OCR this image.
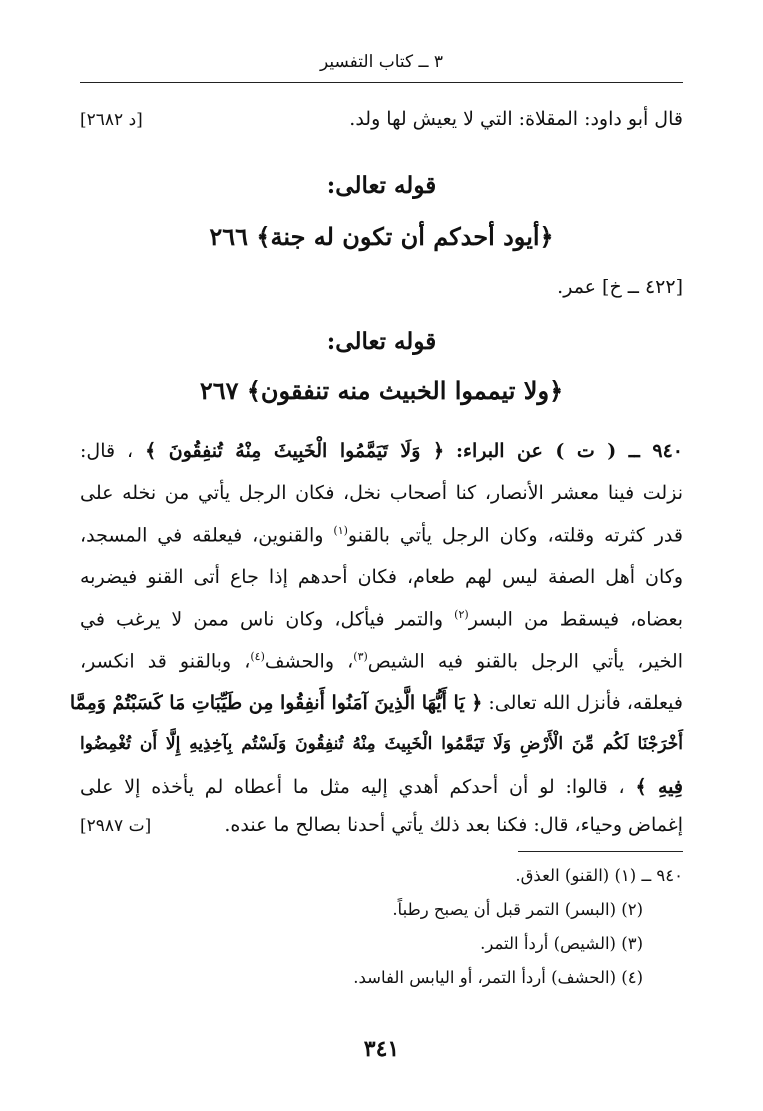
٣ ــ كتاب التفسير
قال أبو داود: المقلاة: التي لا يعيش لها ولد.
[د ٢٦٨٢]
قوله تعالى:
﴿أيود أحدكم أن تكون له جنة﴾ ٢٦٦
[٤٢٢ ــ خ] عمر.
قوله تعالى:
﴿ولا تيمموا الخبيث منه تنفقون﴾ ٢٦٧
٩٤٠ ــ ( ت ) عن البراء: ﴿ وَلَا تَيَمَّمُوا الْخَبِيثَ مِنْهُ تُنفِقُونَ ﴾ ، قال:
نزلت فينا معشر الأنصار، كنا أصحاب نخل، فكان الرجل يأتي من نخله على
قدر كثرته وقلته، وكان الرجل يأتي بالقنو$^{(١)}$ والقنوين، فيعلقه في المسجد،
وكان أهل الصفة ليس لهم طعام، فكان أحدهم إذا جاع أتى القنو فيضربه
بعضاه، فيسقط من البسر$^{(٢)}$ والتمر فيأكل، وكان ناس ممن لا يرغب في
الخير، يأتي الرجل بالقنو فيه الشيص$^{(٣)}$، والحشف$^{(٤)}$، وبالقنو قد انكسر،
فيعلقه، فأنزل الله تعالى: ﴿ يَا أَيُّهَا الَّذِينَ آمَنُوا أَنفِقُوا مِن طَيِّبَاتِ مَا كَسَبْتُمْ وَمِمَّا
أَخْرَجْنَا لَكُم مِّنَ الْأَرْضِ وَلَا تَيَمَّمُوا الْخَبِيثَ مِنْهُ تُنفِقُونَ وَلَسْتُم بِآخِذِيهِ إِلَّا أَن تُغْمِضُوا
فِيهِ ﴾ ، قالوا: لو أن أحدكم أهدي إليه مثل ما أعطاه لم يأخذه إلا على
إغماض وحياء، قال: فكنا بعد ذلك يأتي أحدنا بصالح ما عنده.
[ت ٢٩٨٧]
٩٤٠ ــ (١) (القنو) العذق.
(٢) (البسر) التمر قبل أن يصبح رطباً.
(٣) (الشيص) أردأ التمر.
(٤) (الحشف) أردأ التمر، أو اليابس الفاسد.
٣٤١
